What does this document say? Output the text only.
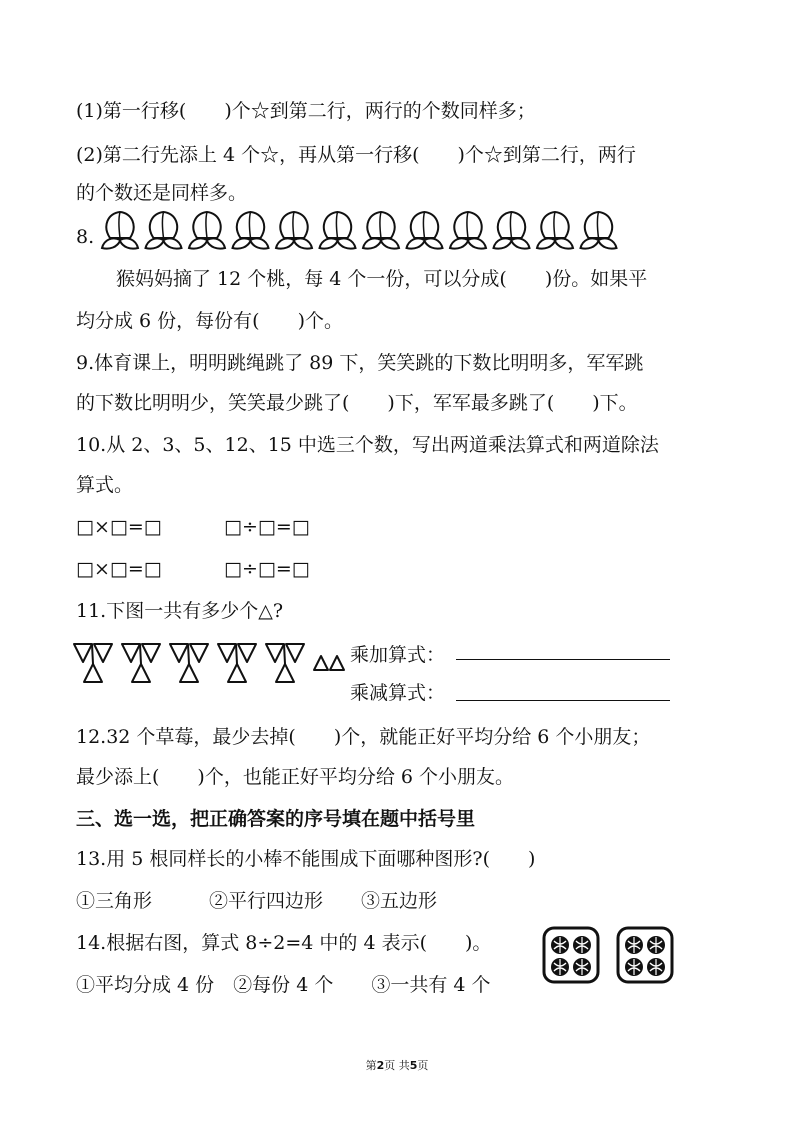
(1)第一行移(　　)个☆到第二行，两行的个数同样多；
(2)第二行先添上 4 个☆，再从第一行移(　　)个☆到第二行，两行
的个数还是同样多。
8.
猴妈妈摘了 12 个桃，每 4 个一份，可以分成(　　)份。如果平
均分成 6 份，每份有(　　)个。
9.体育课上，明明跳绳跳了 89 下，笑笑跳的下数比明明多，军军跳
的下数比明明少，笑笑最少跳了(　　)下，军军最多跳了(　　)下。
10.从 2、3、5、12、15 中选三个数，写出两道乘法算式和两道除法
算式。
□×□=□	□÷□=□
□×□=□	□÷□=□
11.下图一共有多少个△?
乘加算式：
乘减算式：
12.32 个草莓，最少去掉(　　)个，就能正好平均分给 6 个小朋友；
最少添上(　　)个，也能正好平均分给 6 个小朋友。
三、选一选，把正确答案的序号填在题中括号里
13.用 5 根同样长的小棒不能围成下面哪种图形?(　　)
①三角形　　　②平行四边形　　③五边形
14.根据右图，算式 8÷2=4 中的 4 表示(　　)。
①平均分成 4 份　②每份 4 个　　③一共有 4 个
第2页 共5页
